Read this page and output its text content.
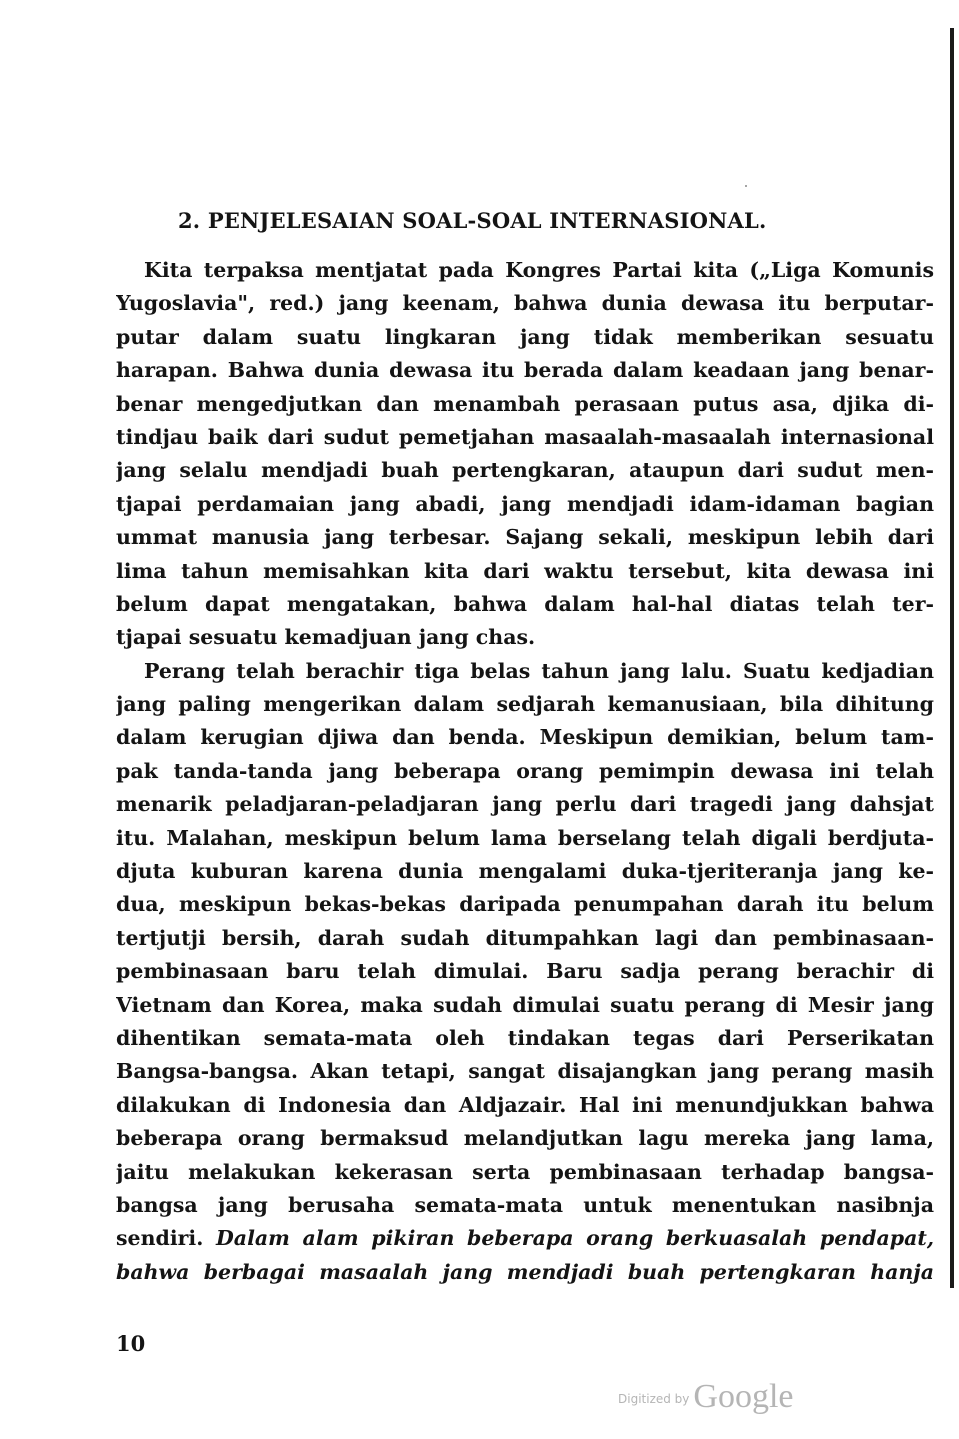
2. PENJELESAIAN SOAL-SOAL INTERNASIONAL.
Kita terpaksa mentjatat pada Kongres Partai kita („Liga Komunis
Yugoslavia", red.) jang keenam, bahwa dunia dewasa itu berputar-
putar dalam suatu lingkaran jang tidak memberikan sesuatu
harapan. Bahwa dunia dewasa itu berada dalam keadaan jang benar-
benar mengedjutkan dan menambah perasaan putus asa, djika di-
tindjau baik dari sudut pemetjahan masaalah-masaalah internasional
jang selalu mendjadi buah pertengkaran, ataupun dari sudut men-
tjapai perdamaian jang abadi, jang mendjadi idam-idaman bagian
ummat manusia jang terbesar. Sajang sekali, meskipun lebih dari
lima tahun memisahkan kita dari waktu tersebut, kita dewasa ini
belum dapat mengatakan, bahwa dalam hal-hal diatas telah ter-
tjapai sesuatu kemadjuan jang chas.
Perang telah berachir tiga belas tahun jang lalu. Suatu kedjadian
jang paling mengerikan dalam sedjarah kemanusiaan, bila dihitung
dalam kerugian djiwa dan benda. Meskipun demikian, belum tam-
pak tanda-tanda jang beberapa orang pemimpin dewasa ini telah
menarik peladjaran-peladjaran jang perlu dari tragedi jang dahsjat
itu. Malahan, meskipun belum lama berselang telah digali berdjuta-
djuta kuburan karena dunia mengalami duka-tjeriteranja jang ke-
dua, meskipun bekas-bekas daripada penumpahan darah itu belum
tertjutji bersih, darah sudah ditumpahkan lagi dan pembinasaan-
pembinasaan baru telah dimulai. Baru sadja perang berachir di
Vietnam dan Korea, maka sudah dimulai suatu perang di Mesir jang
dihentikan semata-mata oleh tindakan tegas dari Perserikatan
Bangsa-bangsa. Akan tetapi, sangat disajangkan jang perang masih
dilakukan di Indonesia dan Aldjazair. Hal ini menundjukkan bahwa
beberapa orang bermaksud melandjutkan lagu mereka jang lama,
jaitu melakukan kekerasan serta pembinasaan terhadap bangsa-
bangsa jang berusaha semata-mata untuk menentukan nasibnja
sendiri. Dalam alam pikiran beberapa orang berkuasalah pendapat,
bahwa berbagai masaalah jang mendjadi buah pertengkaran hanja
10
$^{Digitized by}$ Google
